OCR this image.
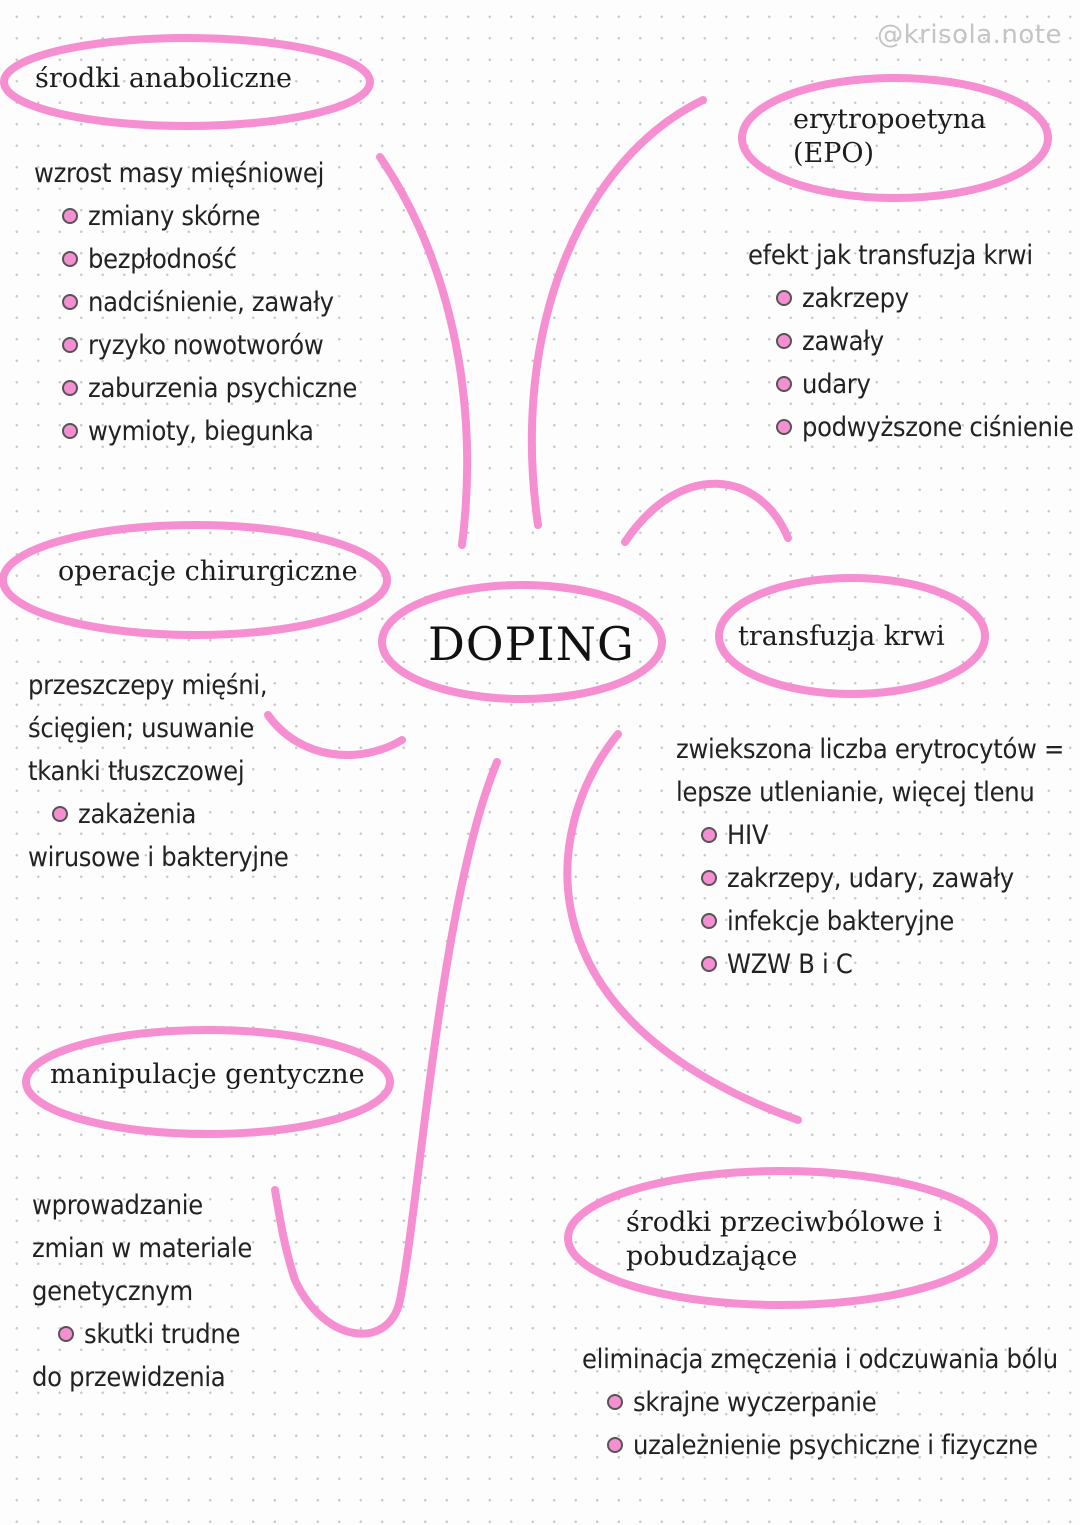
@krisola.note
DOPING
środki anaboliczne
wzrost masy mięśniowej
zmiany skórne
bezpłodność
nadciśnienie, zawały
ryzyko nowotworów
zaburzenia psychiczne
wymioty, biegunka
erytropoetyna
(EPO)
efekt jak transfuzja krwi
zakrzepy
zawały
udary
podwyższone ciśnienie
operacje chirurgiczne
przeszczepy mięśni,
ścięgien; usuwanie
tkanki tłuszczowej
zakażenia
wirusowe i bakteryjne
transfuzja krwi
zwiekszona liczba erytrocytów =
lepsze utlenianie, więcej tlenu
HIV
zakrzepy, udary, zawały
infekcje bakteryjne
WZW B i C
manipulacje gentyczne
wprowadzanie
zmian w materiale
genetycznym
skutki trudne
do przewidzenia
środki przeciwbólowe i
pobudzające
eliminacja zmęczenia i odczuwania bólu
skrajne wyczerpanie
uzależnienie psychiczne i fizyczne
